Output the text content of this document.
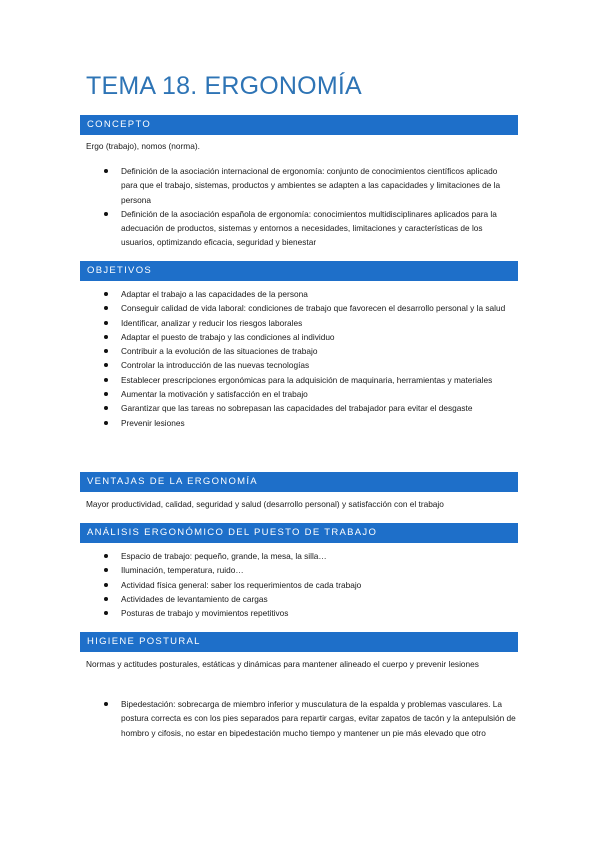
TEMA 18. ERGONOMÍA
CONCEPTO
Ergo (trabajo), nomos (norma).
Definición de la asociación internacional de ergonomía: conjunto de conocimientos científicos aplicado para que el trabajo, sistemas, productos y ambientes se adapten a las capacidades y limitaciones de la persona
Definición de la asociación española de ergonomía: conocimientos multidisciplinares aplicados para la adecuación de productos, sistemas y entornos a necesidades, limitaciones y características de los usuarios, optimizando eficacia, seguridad y bienestar
OBJETIVOS
Adaptar el trabajo a las capacidades de la persona
Conseguir calidad de vida laboral: condiciones de trabajo que favorecen el desarrollo personal y la salud
Identificar, analizar y reducir los riesgos laborales
Adaptar el puesto de trabajo y las condiciones al individuo
Contribuir a la evolución de las situaciones de trabajo
Controlar la introducción de las nuevas tecnologías
Establecer prescripciones ergonómicas para la adquisición de maquinaria, herramientas y materiales
Aumentar la motivación y satisfacción en el trabajo
Garantizar que las tareas no sobrepasan las capacidades del trabajador para evitar el desgaste
Prevenir lesiones
VENTAJAS DE LA ERGONOMÍA
Mayor productividad, calidad, seguridad y salud (desarrollo personal) y satisfacción con el trabajo
ANÁLISIS ERGONÓMICO DEL PUESTO DE TRABAJO
Espacio de trabajo: pequeño, grande, la mesa, la silla…
Iluminación, temperatura, ruido…
Actividad física general: saber los requerimientos de cada trabajo
Actividades de levantamiento de cargas
Posturas de trabajo y movimientos repetitivos
HIGIENE POSTURAL
Normas y actitudes posturales, estáticas y dinámicas para mantener alineado el cuerpo y prevenir lesiones
Bipedestación: sobrecarga de miembro inferior y musculatura de la espalda y problemas vasculares. La postura correcta es con los pies separados para repartir cargas, evitar zapatos de tacón y la antepulsión de hombro y cifosis, no estar en bipedestación mucho tiempo y mantener un pie más elevado que otro
